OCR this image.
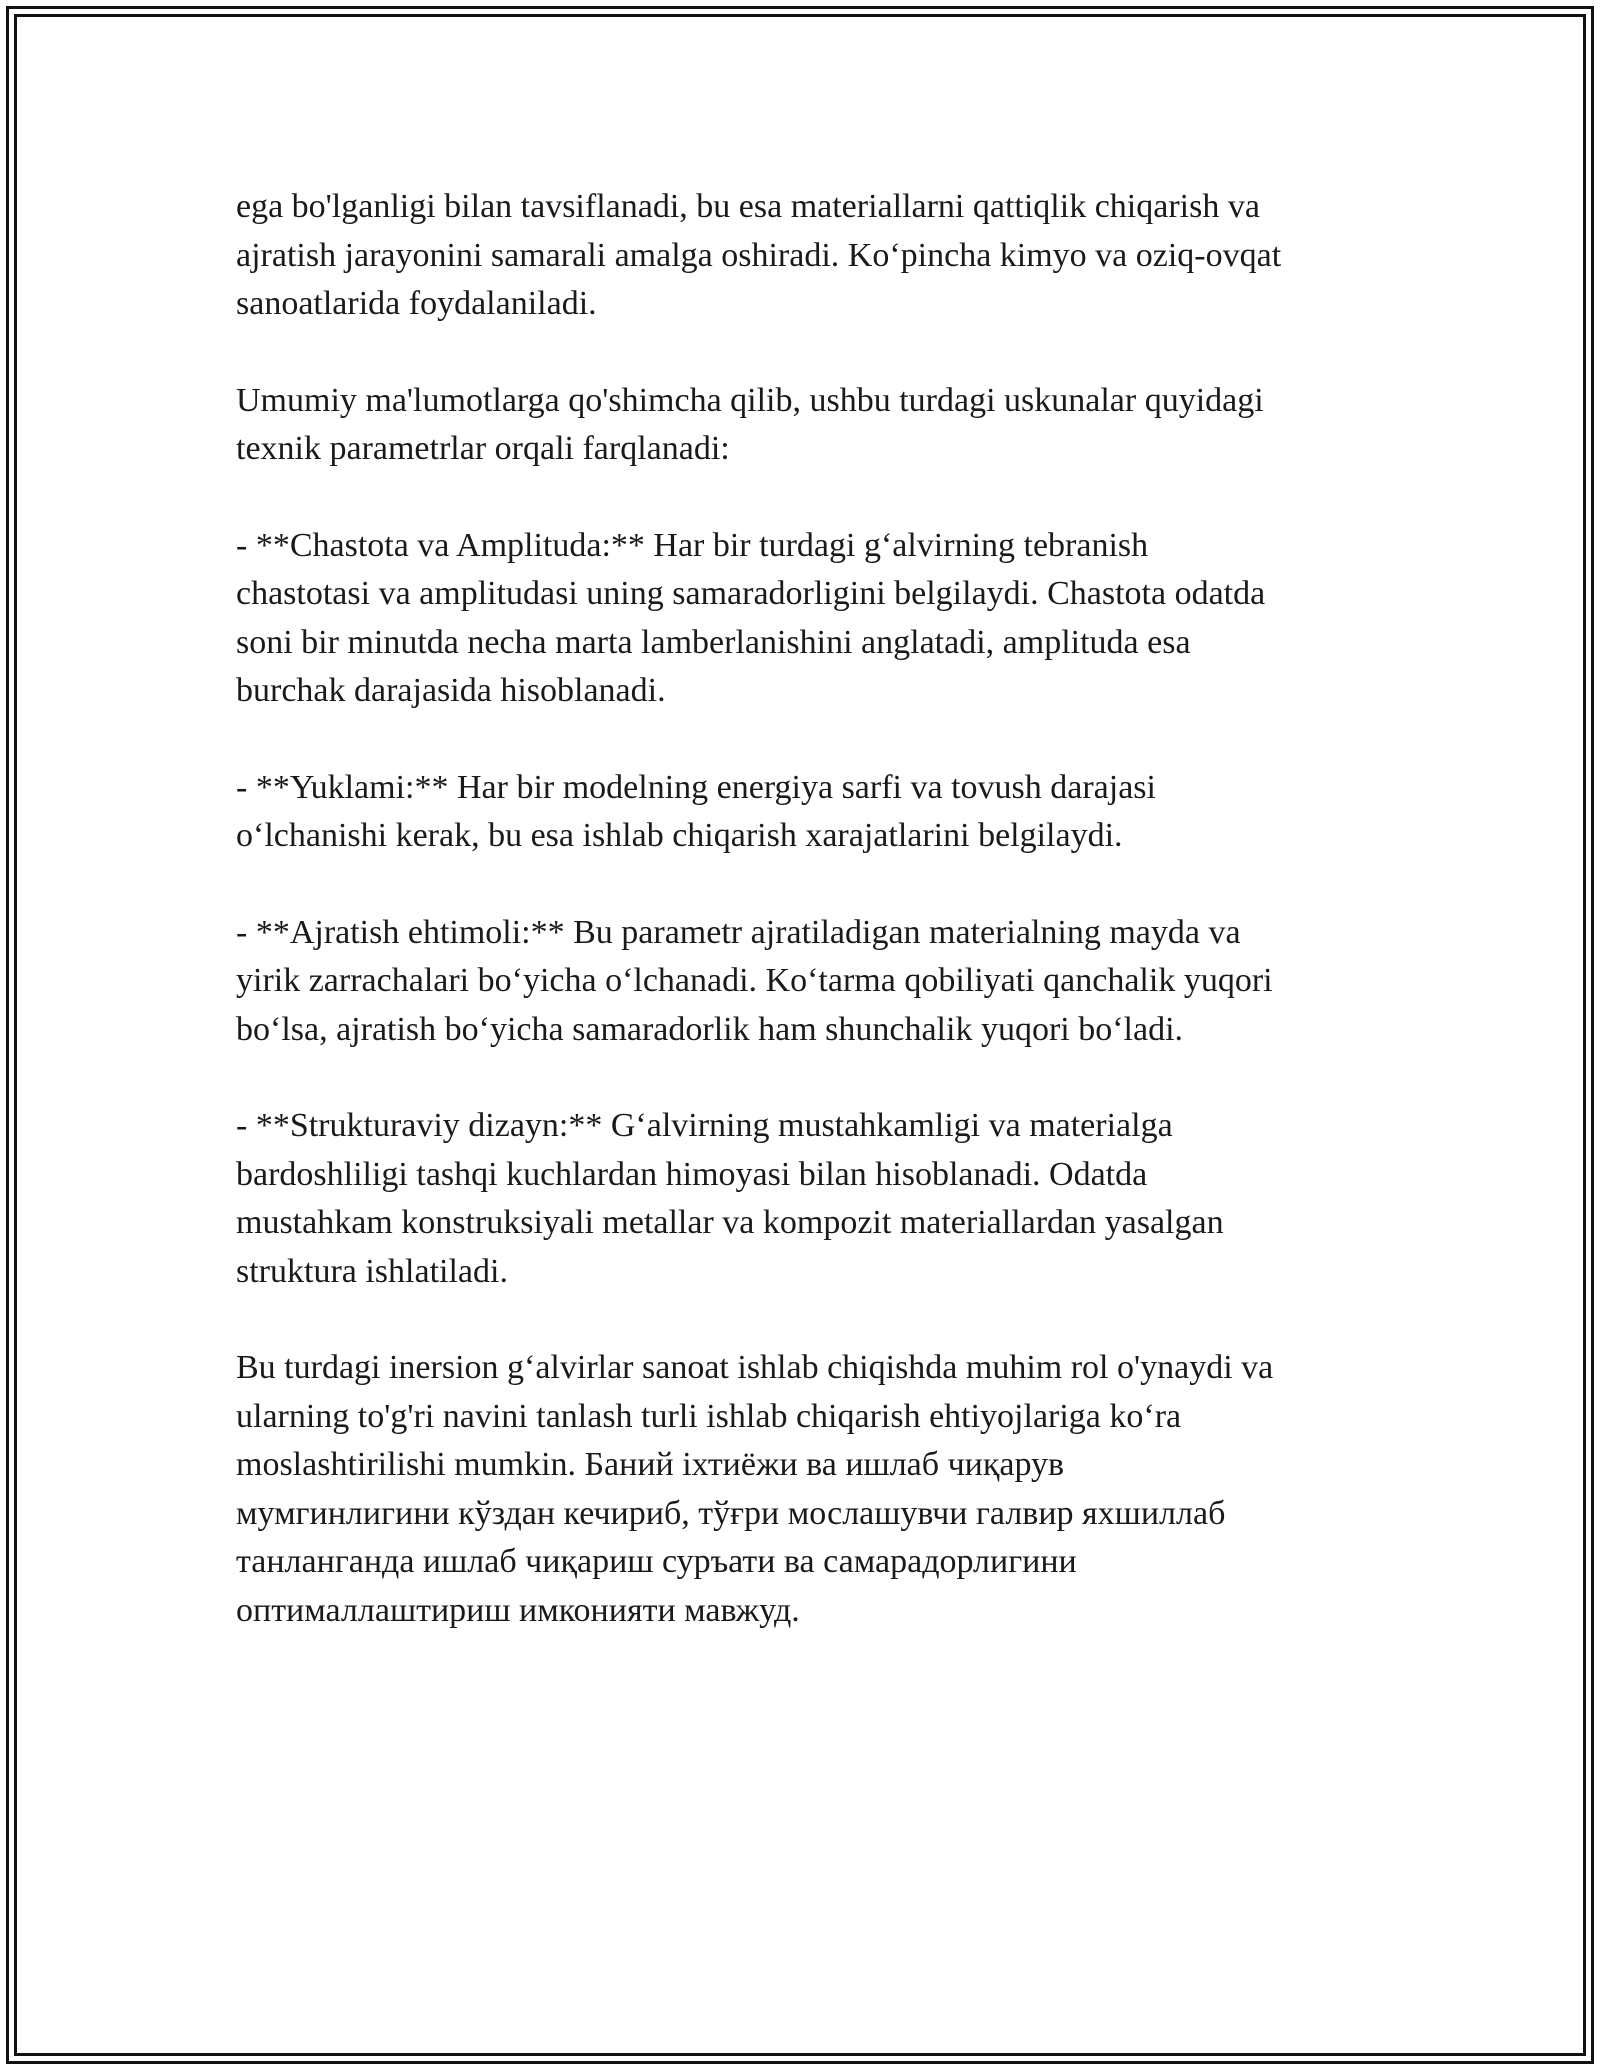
ega bo'lganligi bilan tavsiflanadi, bu esa materiallarni qattiqlik chiqarish va
ajratish jarayonini samarali amalga oshiradi. Ko‘pincha kimyo va oziq-ovqat
sanoatlarida foydalaniladi.

Umumiy ma'lumotlarga qo'shimcha qilib, ushbu turdagi uskunalar quyidagi
texnik parametrlar orqali farqlanadi:

- **Chastota va Amplituda:** Har bir turdagi g‘alvirning tebranish
chastotasi va amplitudasi uning samaradorligini belgilaydi. Chastota odatda
soni bir minutda necha marta lamberlanishini anglatadi, amplituda esa
burchak darajasida hisoblanadi.

- **Yuklami:** Har bir modelning energiya sarfi va tovush darajasi
o‘lchanishi kerak, bu esa ishlab chiqarish xarajatlarini belgilaydi.

- **Ajratish ehtimoli:** Bu parametr ajratiladigan materialning mayda va
yirik zarrachalari bo‘yicha o‘lchanadi. Ko‘tarma qobiliyati qanchalik yuqori
bo‘lsa, ajratish bo‘yicha samaradorlik ham shunchalik yuqori bo‘ladi.

- **Strukturaviy dizayn:** G‘alvirning mustahkamligi va materialga
bardoshliligi tashqi kuchlardan himoyasi bilan hisoblanadi. Odatda
mustahkam konstruksiyali metallar va kompozit materiallardan yasalgan
struktura ishlatiladi.

Bu turdagi inersion g‘alvirlar sanoat ishlab chiqishda muhim rol o'ynaydi va
ularning to'g'ri navini tanlash turli ishlab chiqarish ehtiyojlariga ko‘ra
moslashtirilishi mumkin. Баний іхтиёжи ва ишлаб чиқарув
мумгинлигини кўздан кечириб, тўғри мослашувчи галвир яхшиллаб
танланганда ишлаб чиқариш суръати ва самарадорлигини
оптималлаштириш имконияти мавжуд.
